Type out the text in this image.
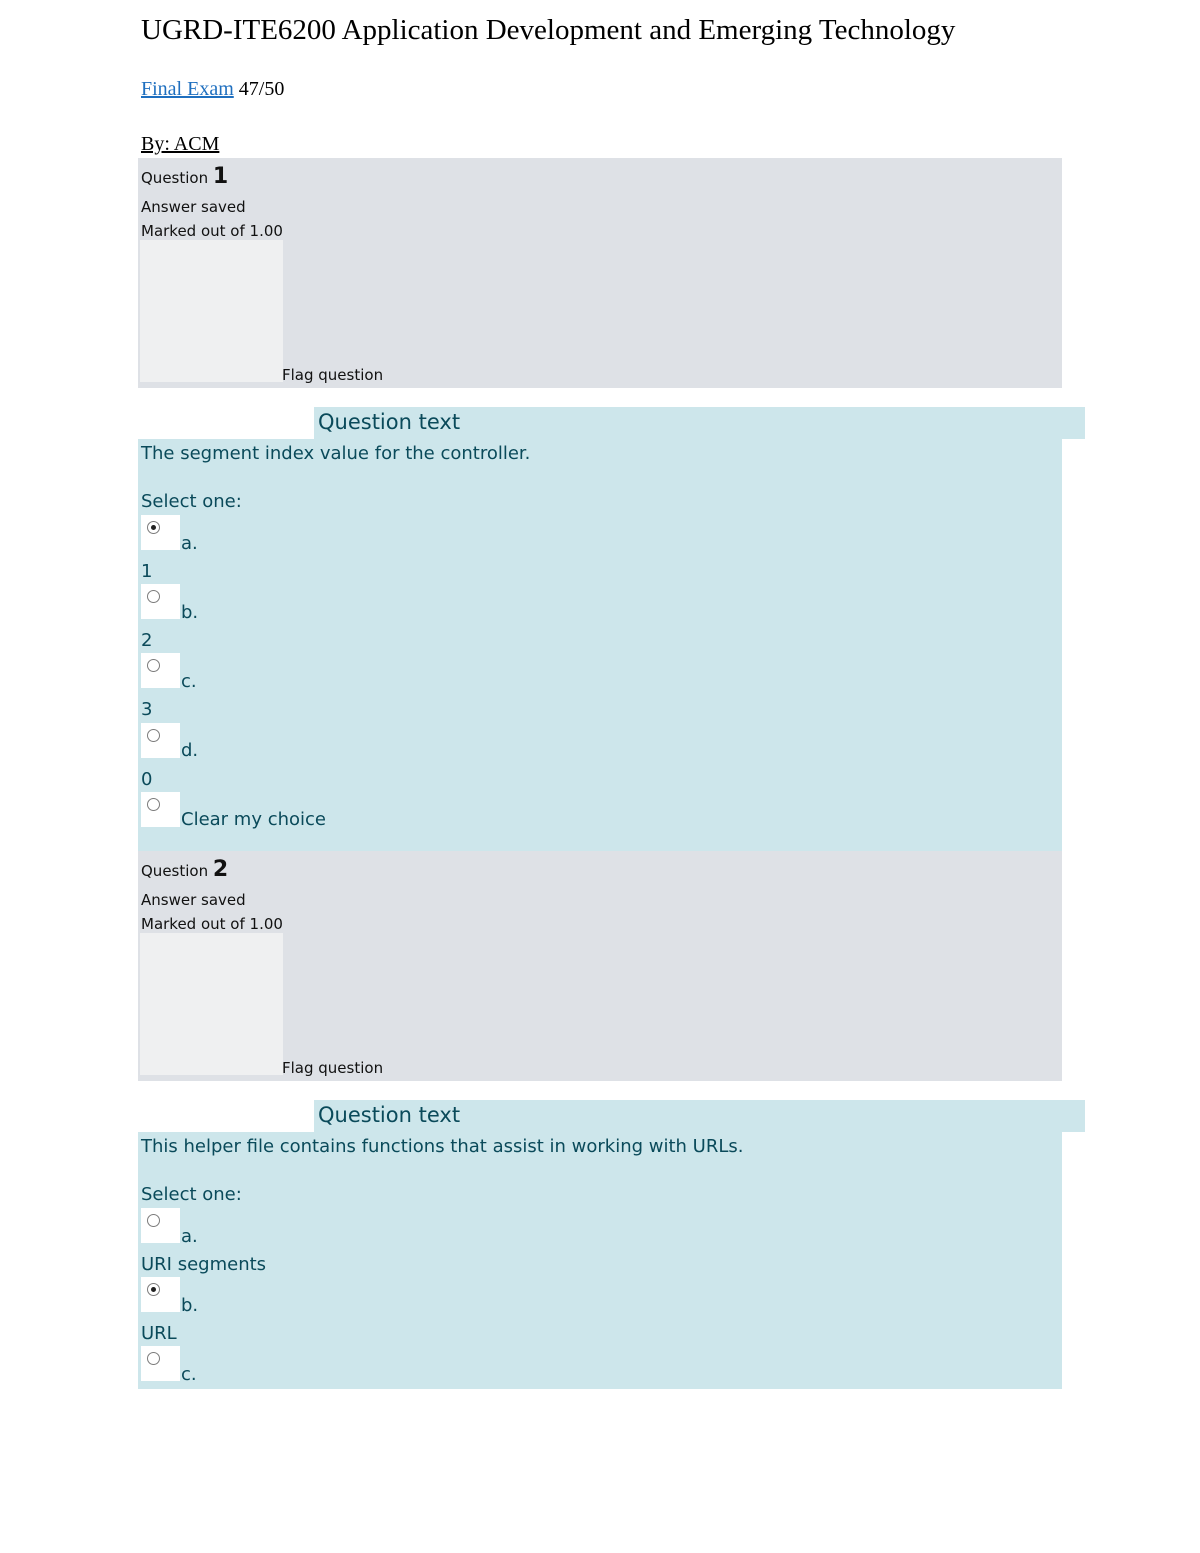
UGRD-ITE6200 Application Development and Emerging Technology
Final Exam 47/50
By: ACM
Question 1
Answer saved
Marked out of 1.00
Flag question
Question text
The segment index value for the controller.
Select one:
a.
1
b.
2
c.
3
d.
0
Clear my choice
Question 2
Answer saved
Marked out of 1.00
Flag question
Question text
This helper file contains functions that assist in working with URLs.
Select one:
a.
URI segments
b.
URL
c.
